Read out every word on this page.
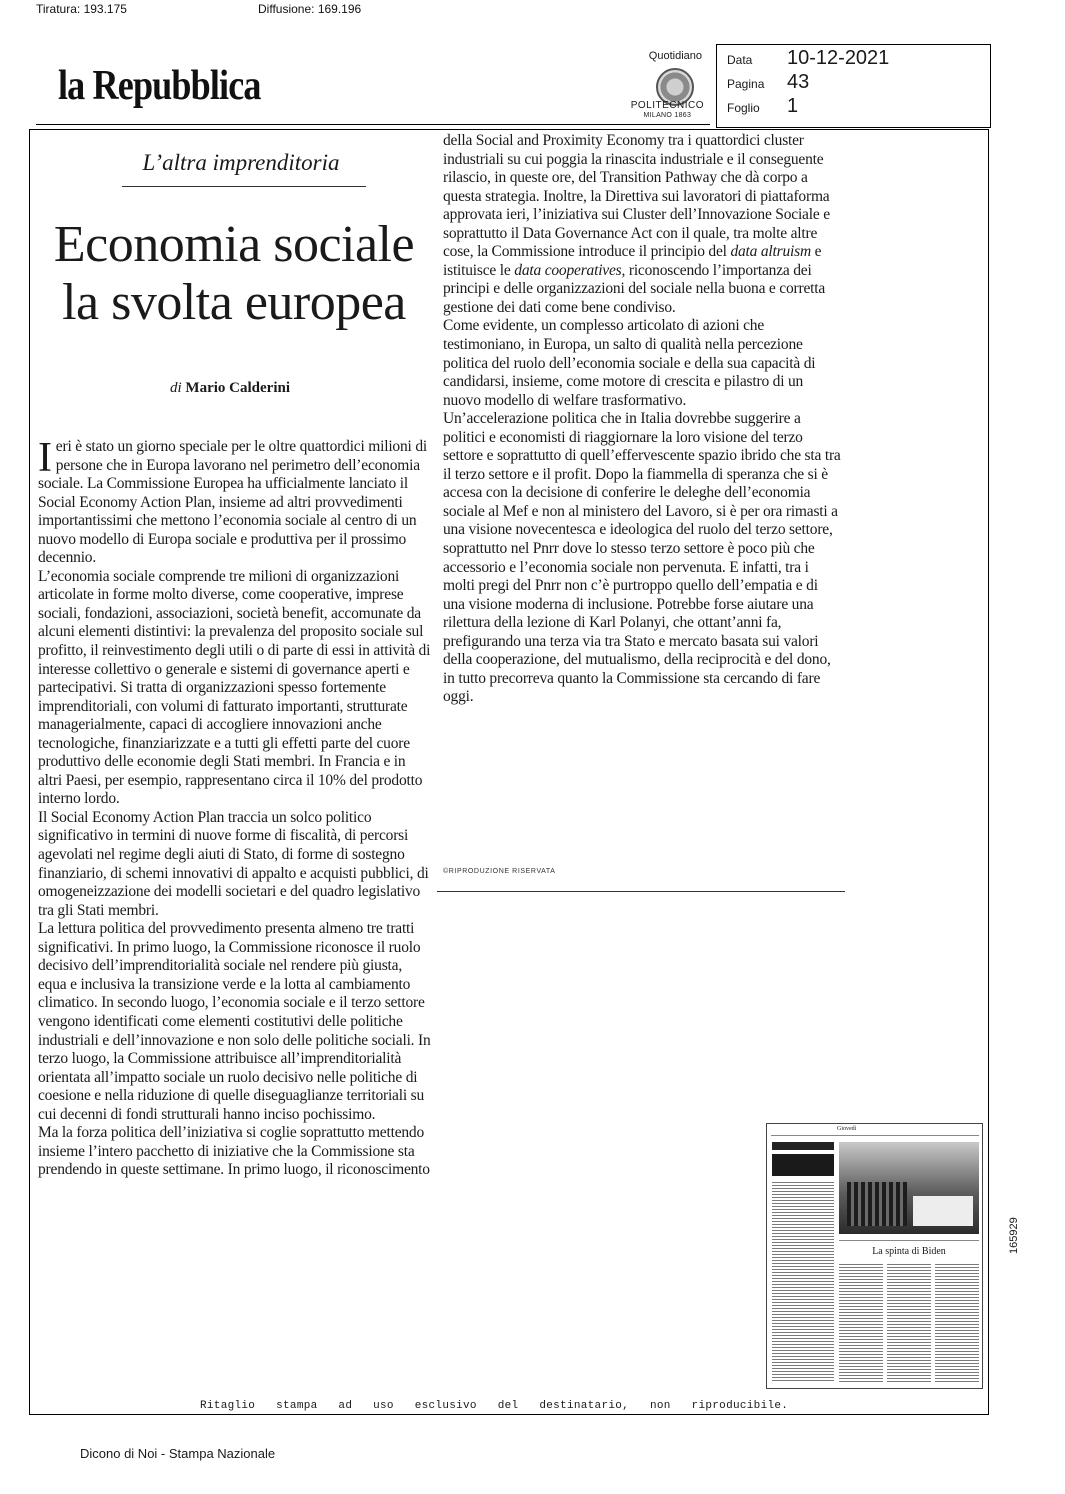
Tiratura: 193.175	Diffusione: 169.196
la Repubblica
Quotidiano
POLITECNICO
MILANO 1863
Data 10-12-2021
Pagina 43
Foglio 1
L’altra imprenditoria
Economia sociale
la svolta europea
di Mario Calderini

Ieri è stato un giorno speciale per le oltre quattordici milioni di persone che in Europa lavorano nel perimetro dell’economia sociale. La Commissione Europea ha ufficialmente lanciato il Social Economy Action Plan, insieme ad altri provvedimenti importantissimi che mettono l’economia sociale al centro di un nuovo modello di Europa sociale e produttiva per il prossimo decennio.

L’economia sociale comprende tre milioni di organizzazioni articolate in forme molto diverse, come cooperative, imprese sociali, fondazioni, associazioni, società benefit, accomunate da alcuni elementi distintivi: la prevalenza del proposito sociale sul profitto, il reinvestimento degli utili o di parte di essi in attività di interesse collettivo o generale e sistemi di governance aperti e partecipativi. Si tratta di organizzazioni spesso fortemente imprenditoriali, con volumi di fatturato importanti, strutturate managerialmente, capaci di accogliere innovazioni anche tecnologiche, finanziarizzate e a tutti gli effetti parte del cuore produttivo delle economie degli Stati membri. In Francia e in altri Paesi, per esempio, rappresentano circa il 10% del prodotto interno lordo.

Il Social Economy Action Plan traccia un solco politico significativo in termini di nuove forme di fiscalità, di percorsi agevolati nel regime degli aiuti di Stato, di forme di sostegno finanziario, di schemi innovativi di appalto e acquisti pubblici, di omogeneizzazione dei modelli societari e del quadro legislativo tra gli Stati membri.

La lettura politica del provvedimento presenta almeno tre tratti significativi. In primo luogo, la Commissione riconosce il ruolo decisivo dell’imprenditorialità sociale nel rendere più giusta, equa e inclusiva la transizione verde e la lotta al cambiamento climatico. In secondo luogo, l’economia sociale e il terzo settore vengono identificati come elementi costitutivi delle politiche industriali e dell’innovazione e non solo delle politiche sociali. In terzo luogo, la Commissione attribuisce all’imprenditorialità orientata all’impatto sociale un ruolo decisivo nelle politiche di coesione e nella riduzione di quelle diseguaglianze territoriali su cui decenni di fondi strutturali hanno inciso pochissimo.

Ma la forza politica dell’iniziativa si coglie soprattutto mettendo insieme l’intero pacchetto di iniziative che la Commissione sta prendendo in queste settimane. In primo luogo, il riconoscimento

della Social and Proximity Economy tra i quattordici cluster industriali su cui poggia la rinascita industriale e il conseguente rilascio, in queste ore, del Transition Pathway che dà corpo a questa strategia. Inoltre, la Direttiva sui lavoratori di piattaforma approvata ieri, l’iniziativa sui Cluster dell’Innovazione Sociale e soprattutto il Data Governance Act con il quale, tra molte altre cose, la Commissione introduce il principio del data altruism e istituisce le data cooperatives, riconoscendo l’importanza dei principi e delle organizzazioni del sociale nella buona e corretta gestione dei dati come bene condiviso.

Come evidente, un complesso articolato di azioni che testimoniano, in Europa, un salto di qualità nella percezione politica del ruolo dell’economia sociale e della sua capacità di candidarsi, insieme, come motore di crescita e pilastro di un nuovo modello di welfare trasformativo.

Un’accelerazione politica che in Italia dovrebbe suggerire a politici e economisti di riaggiornare la loro visione del terzo settore e soprattutto di quell’effervescente spazio ibrido che sta tra il terzo settore e il profit. Dopo la fiammella di speranza che si è accesa con la decisione di conferire le deleghe dell’economia sociale al Mef e non al ministero del Lavoro, si è per ora rimasti a una visione novecentesca e ideologica del ruolo del terzo settore, soprattutto nel Pnrr dove lo stesso terzo settore è poco più che accessorio e l’economia sociale non pervenuta. E infatti, tra i molti pregi del Pnrr non c’è purtroppo quello dell’empatia e di una visione moderna di inclusione. Potrebbe forse aiutare una rilettura della lezione di Karl Polanyi, che ottant’anni fa, prefigurando una terza via tra Stato e mercato basata sui valori della cooperazione, del mutualismo, della reciprocità e del dono, in tutto precorreva quanto la Commissione sta cercando di fare oggi.

©RIPRODUZIONE RISERVATA
Giovedì
La spinta di Biden	165929
Ritaglio stampa ad uso esclusivo del destinatario, non riproducibile.
Dicono di Noi - Stampa Nazionale
